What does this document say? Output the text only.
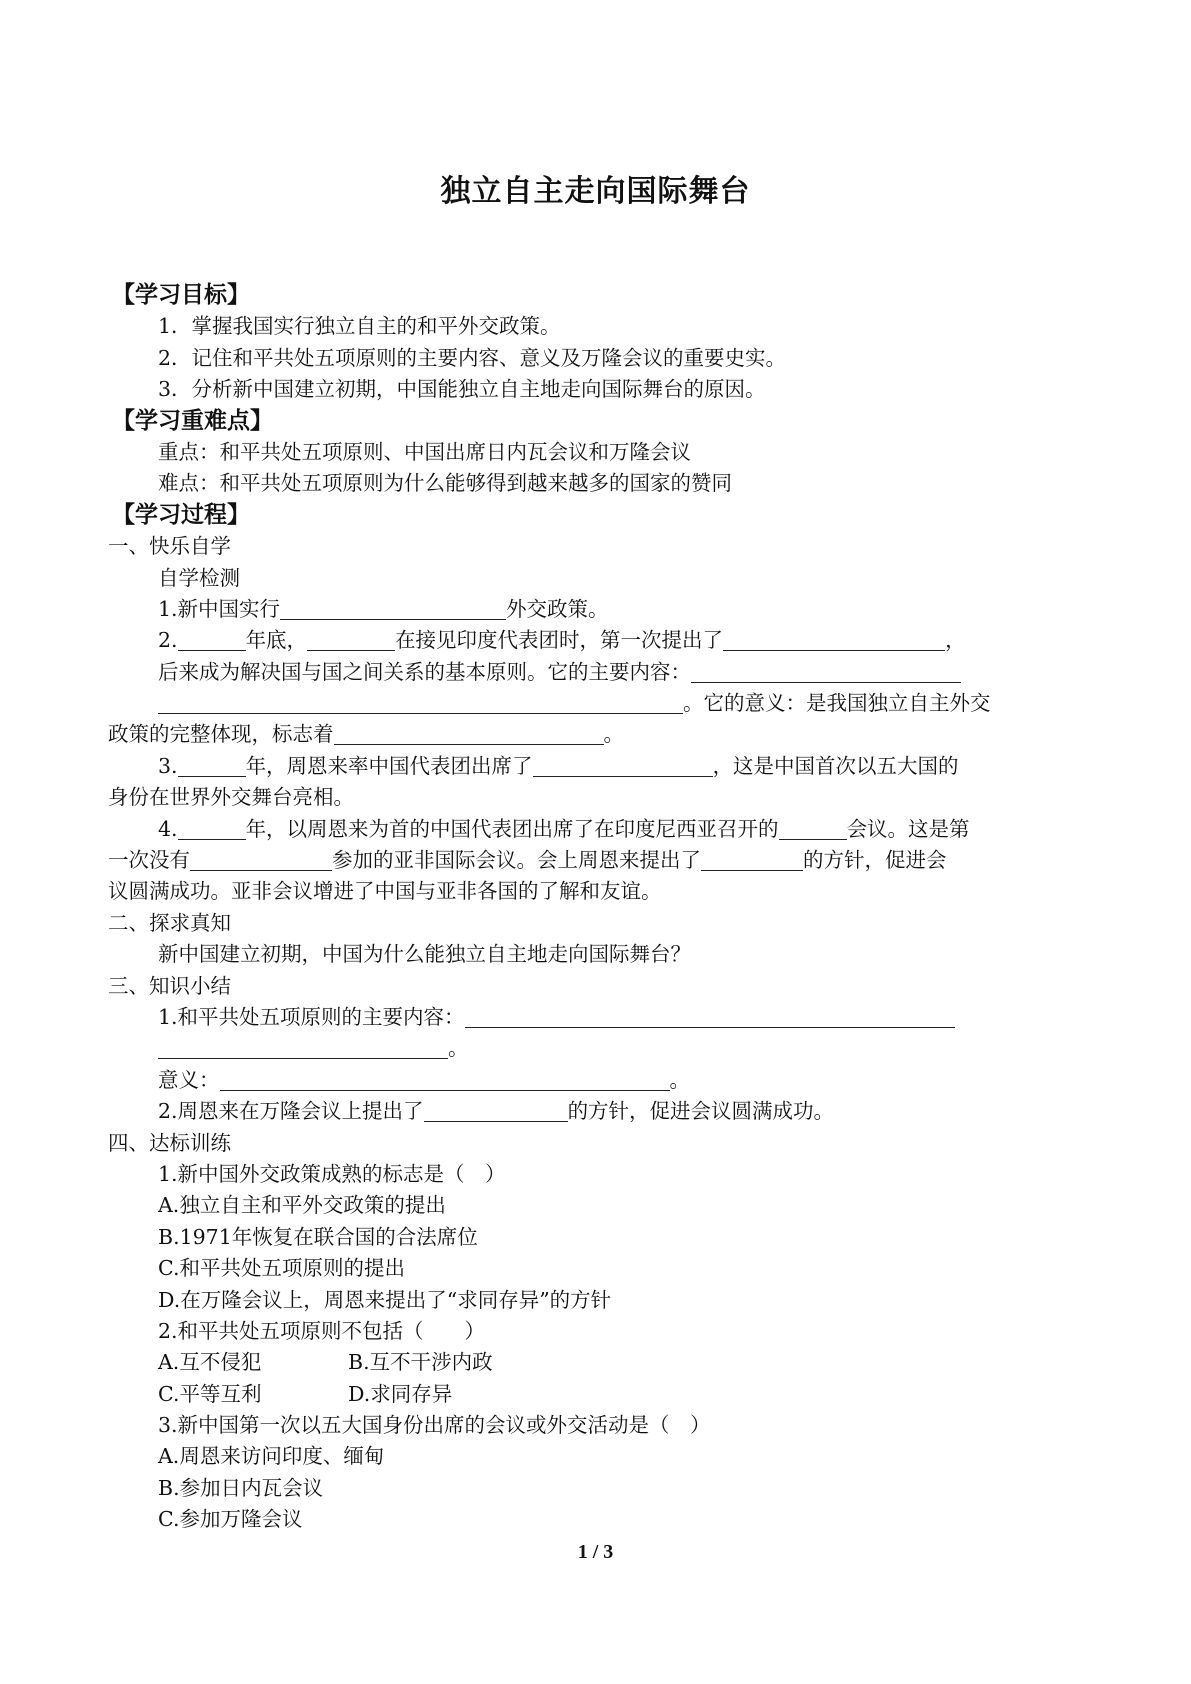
独立自主走向国际舞台
【学习目标】
1．掌握我国实行独立自主的和平外交政策。
2．记住和平共处五项原则的主要内容、意义及万隆会议的重要史实。
3．分析新中国建立初期，中国能独立自主地走向国际舞台的原因。
【学习重难点】
重点：和平共处五项原则、中国出席日内瓦会议和万隆会议
难点：和平共处五项原则为什么能够得到越来越多的国家的赞同
【学习过程】
一、快乐自学
自学检测
1.新中国实行	外交政策。
2.	年底，	在接见印度代表团时，第一次提出了	，
后来成为解决国与国之间关系的基本原则。它的主要内容：
。它的意义：是我国独立自主外交
政策的完整体现，标志着	。
3.	年，周恩来率中国代表团出席了	，这是中国首次以五大国的
身份在世界外交舞台亮相。
4.	年，以周恩来为首的中国代表团出席了在印度尼西亚召开的	会议。这是第
一次没有	参加的亚非国际会议。会上周恩来提出了	的方针，促进会
议圆满成功。亚非会议增进了中国与亚非各国的了解和友谊。
二、探求真知
新中国建立初期，中国为什么能独立自主地走向国际舞台？
三、知识小结
1.和平共处五项原则的主要内容：
。
意义：	。
2.周恩来在万隆会议上提出了	的方针，促进会议圆满成功。
四、达标训练
1.新中国外交政策成熟的标志是（　）
A.独立自主和平外交政策的提出
B.1971年恢复在联合国的合法席位
C.和平共处五项原则的提出
D.在万隆会议上，周恩来提出了“求同存异”的方针
2.和平共处五项原则不包括（　　）
A.互不侵犯	B.互不干涉内政
C.平等互利	D.求同存异
3.新中国第一次以五大国身份出席的会议或外交活动是（　）
A.周恩来访问印度、缅甸
B.参加日内瓦会议
C.参加万隆会议
1 / 3
